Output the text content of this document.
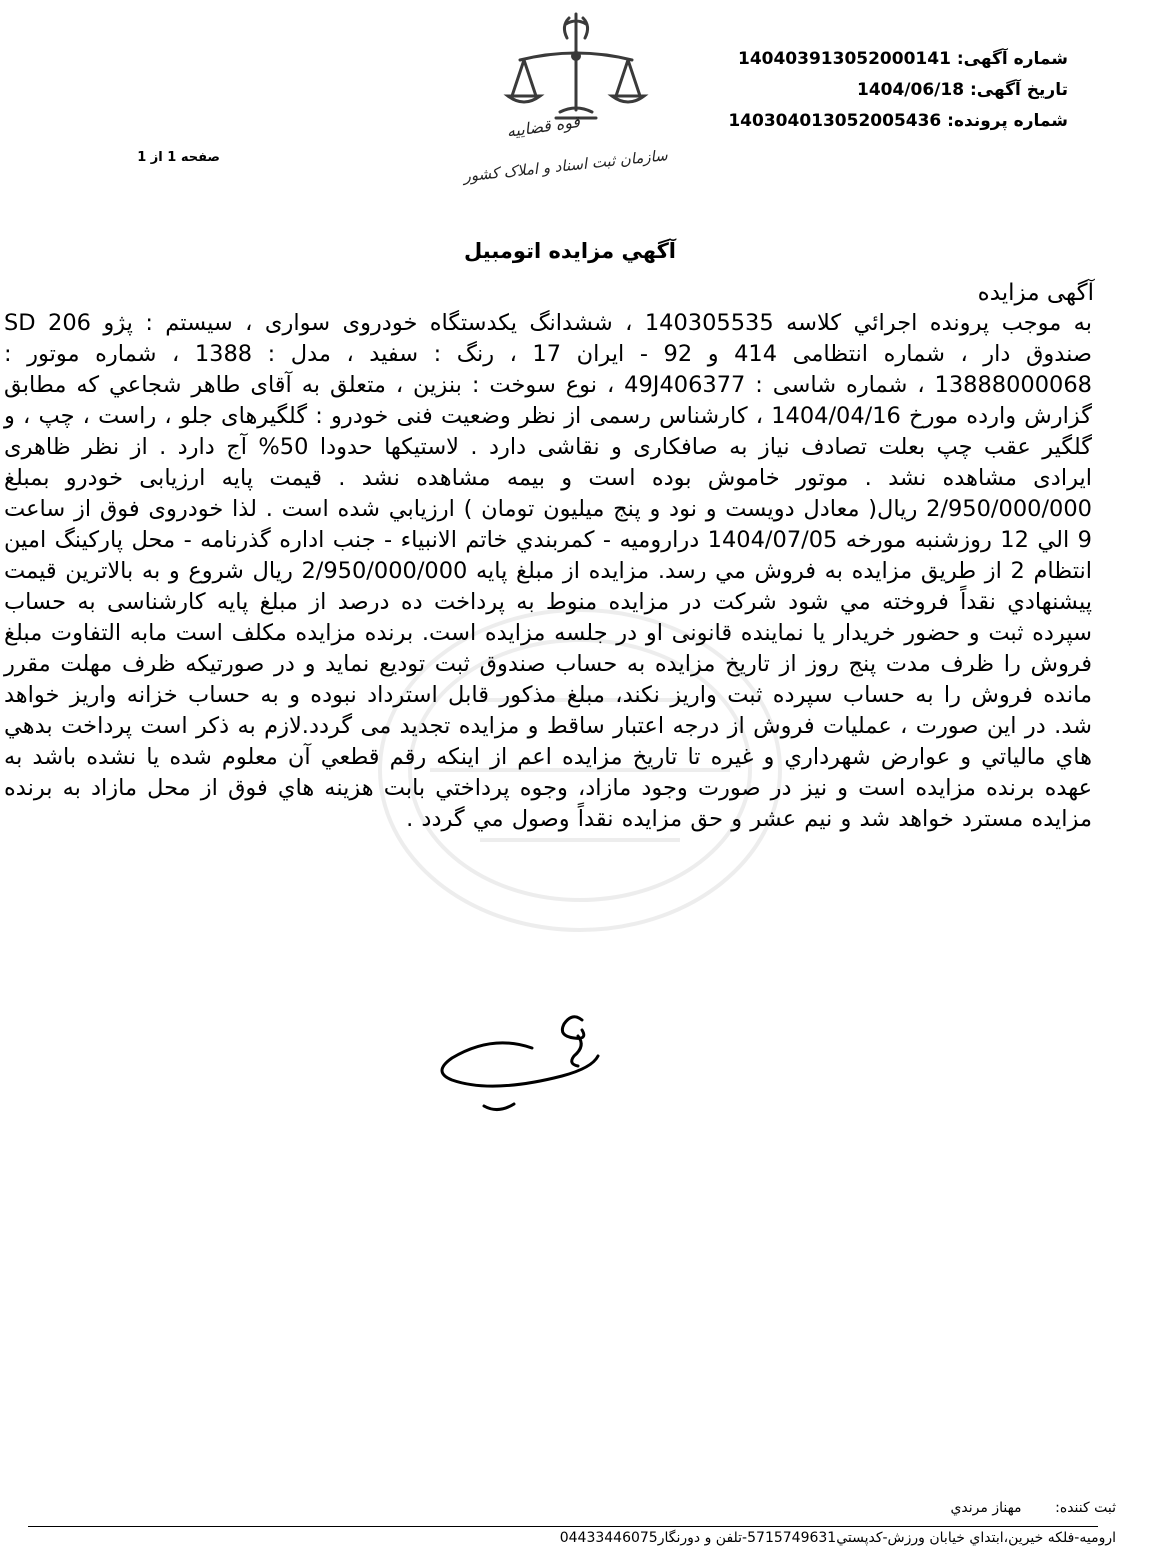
شماره آگهی: 140403913052000141
تاریخ آگهی: 1404/06/18
شماره پرونده: 140304013052005436
قوه قضاییه
سازمان ثبت اسناد و املاک کشور
صفحه 1 از 1
آگهي مزايده اتومبيل
آگهی مزایده
به موجب پرونده اجرائي كلاسه 140305535 ، ششدانگ یکدستگاه خودروی سواری ، سیستم : پژو 206 SD صندوق دار ، شماره انتظامی 414 و 92 - ایران 17 ، رنگ : سفید ، مدل : 1388 ، شماره موتور : 13888000068 ، شماره شاسی : 49J406377 ، نوع سوخت : بنزین ، متعلق به آقای طاهر شجاعي که مطابق گزارش وارده مورخ 1404/04/16 ، کارشناس رسمی از نظر وضعیت فنی خودرو : گلگیرهای جلو ، راست ، چپ ، و گلگیر عقب چپ بعلت تصادف نیاز به صافکاری و نقاشی دارد . لاستیکها حدودا 50% آج دارد . از نظر ظاهری ایرادی مشاهده نشد . موتور خاموش بوده است و بیمه مشاهده نشد . قیمت پایه ارزیابی خودرو بمبلغ 2/950/000/000 ریال( معادل دویست و نود و پنج میلیون تومان ) ارزيابي شده است . لذا خودروی فوق از ساعت 9 الي 12 روزشنبه مورخه 1404/07/05 درارومیه - کمربندي خاتم الانبیاء - جنب اداره گذرنامه - محل پارکینگ امین انتظام 2 از طريق مزايده به فروش مي رسد. مزايده از مبلغ پايه 2/950/000/000 ريال شروع و به بالاترين قيمت پيشنهادي نقداً فروخته مي شود شركت در مزايده منوط به پرداخت ده درصد از مبلغ پايه كارشناسی به حساب سپرده ثبت و حضور خريدار يا نماينده قانونی او در جلسه مزايده است. برنده مزايده مكلف است مابه التفاوت مبلغ فروش را ظرف مدت پنج روز از تاريخ مزايده به حساب صندوق ثبت توديع نمايد و در صورتيكه ظرف مهلت مقرر مانده فروش را به حساب سپرده ثبت واريز نكند، مبلغ مذكور قابل استرداد نبوده و به حساب خزانه واريز خواهد شد. در اين صورت ، عمليات فروش از درجه اعتبار ساقط و مزايده تجديد می گردد.لازم به ذكر است پرداخت بدهي هاي مالياتي و عوارض شهرداري و غيره تا تاريخ مزايده اعم از اينكه رقم قطعي آن معلوم شده يا نشده باشد به عهده برنده مزايده است و نيز در صورت وجود مازاد، وجوه پرداختي بابت هزينه هاي فوق از محل مازاد به برنده مزايده مسترد خواهد شد و نيم عشر و حق مزايده نقداً وصول مي گردد .
ثبت کننده: مهناز مرندي
اروميه-فلكه خيرين،ابتداي خيابان ورزش-كدپستي5715749631-تلفن و دورنگار04433446075
